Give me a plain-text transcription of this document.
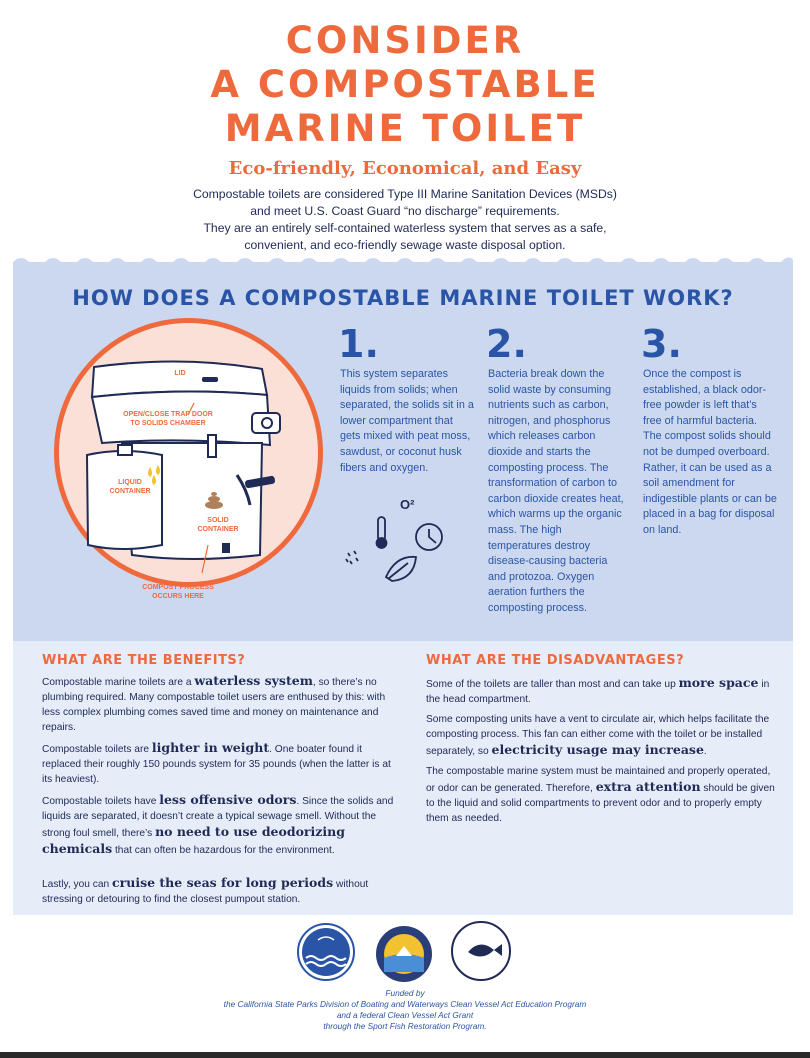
CONSIDER
A COMPOSTABLE
MARINE TOILET
Eco-friendly, Economical, and Easy
Compostable toilets are considered Type III Marine Sanitation Devices (MSDs)
and meet U.S. Coast Guard “no discharge” requirements.
They are an entirely self-contained waterless system that serves as a safe,
convenient, and eco-friendly sewage waste disposal option.
HOW DOES A COMPOSTABLE MARINE TOILET WORK?
LID
OPEN/CLOSE TRAP DOOR
TO SOLIDS CHAMBER
LIQUID
CONTAINER
SOLID
CONTAINER
COMPOST PROCESS
OCCURS HERE
1.
This system separates liquids from solids; when separated, the solids sit in a lower compartment that gets mixed with peat moss, sawdust, or coconut husk fibers and oxygen.
2.
Bacteria break down the solid waste by consuming nutrients such as carbon, nitrogen, and phosphorus which releases carbon dioxide and starts the composting process. The transformation of carbon to carbon dioxide creates heat, which warms up the organic mass. The high temperatures destroy disease-causing bacteria and protozoa. Oxygen aeration furthers the composting process.
3.
Once the compost is established, a black odor-free powder is left that’s free of harmful bacteria. The compost solids should not be dumped overboard. Rather, it can be used as a soil amendment for indigestible plants or can be placed in a bag for disposal on land.
O²
WHAT ARE THE BENEFITS?
Compostable marine toilets are a waterless system, so there’s no plumbing required. Many compostable toilet users are enthused by this: with less complex plumbing comes saved time and money on maintenance and repairs.
Compostable toilets are lighter in weight. One boater found it replaced their roughly 150 pounds system for 35 pounds (when the latter is at its heaviest).
Compostable toilets have less offensive odors. Since the solids and liquids are separated, it doesn’t create a typical sewage smell. Without the strong foul smell, there’s no need to use deodorizing chemicals that can often be hazardous for the environment.
Lastly, you can cruise the seas for long periods without stressing or detouring to find the closest pumpout station.
WHAT ARE THE DISADVANTAGES?
Some of the toilets are taller than most and can take up more space in the head compartment.
Some composting units have a vent to circulate air, which helps facilitate the composting process. This fan can either come with the toilet or be installed separately, so electricity usage may increase.
The compostable marine system must be maintained and properly operated, or odor can be generated. Therefore, extra attention should be given to the liquid and solid compartments to prevent odor and to properly empty them as needed.
Funded by
the California State Parks Division of Boating and Waterways Clean Vessel Act Education Program
and a federal Clean Vessel Act Grant
through the Sport Fish Restoration Program.
